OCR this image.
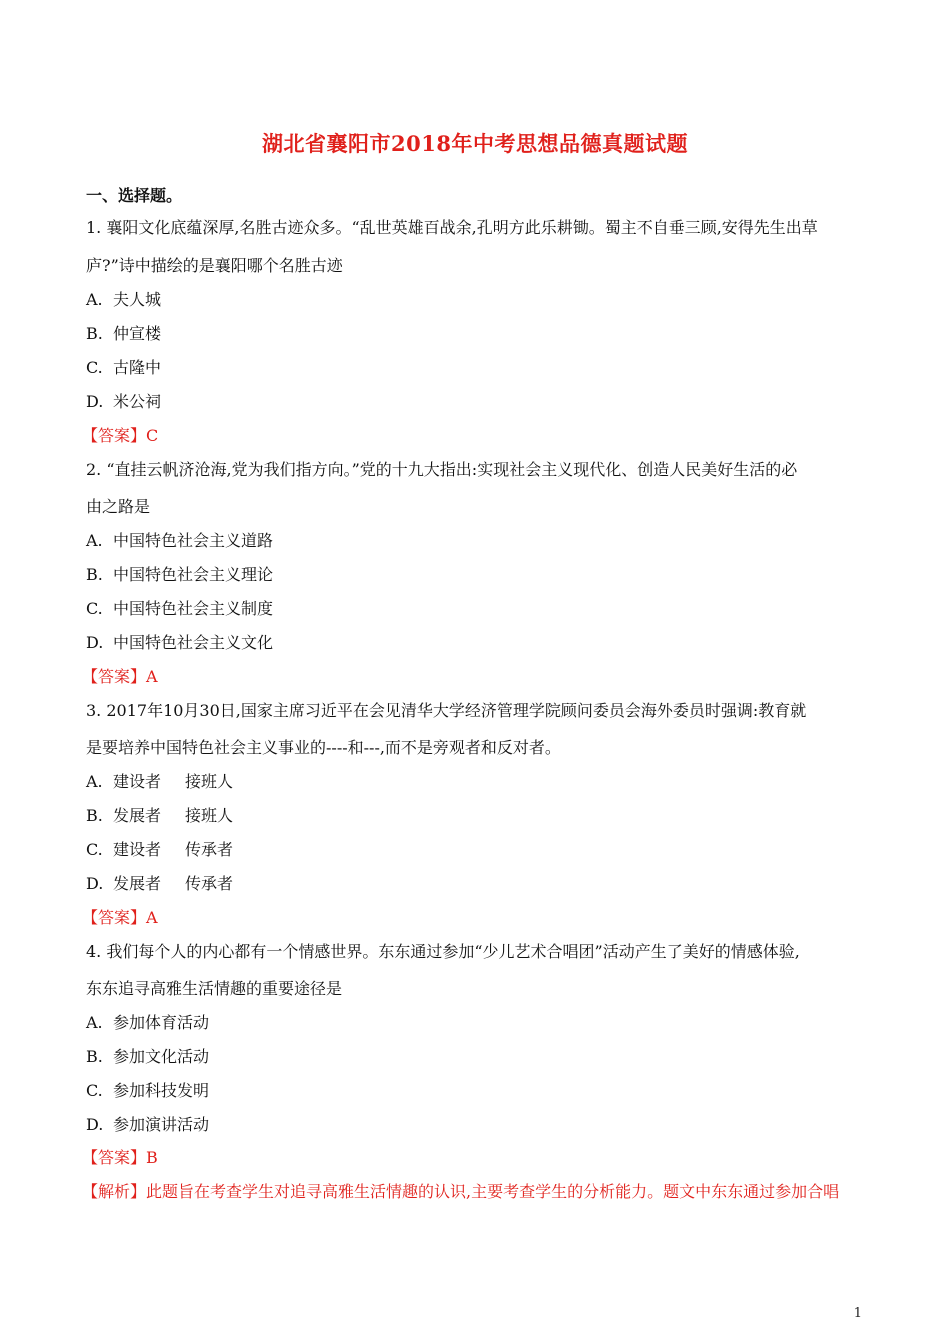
湖北省襄阳市2018年中考思想品德真题试题
一、选择题。
1. 襄阳文化底蕴深厚,名胜古迹众多。“乱世英雄百战余,孔明方此乐耕锄。蜀主不自垂三顾,安得先生出草
庐?”诗中描绘的是襄阳哪个名胜古迹
A. 夫人城
B. 仲宣楼
C. 古隆中
D. 米公祠
【答案】C
2. “直挂云帆济沧海,党为我们指方向。”党的十九大指出:实现社会主义现代化、创造人民美好生活的必
由之路是
A. 中国特色社会主义道路
B. 中国特色社会主义理论
C. 中国特色社会主义制度
D. 中国特色社会主义文化
【答案】A
3. 2017年10月30日,国家主席习近平在会见清华大学经济管理学院顾问委员会海外委员时强调:教育就
是要培养中国特色社会主义事业的----和---,而不是旁观者和反对者。
A. 建设者 接班人
B. 发展者 接班人
C. 建设者 传承者
D. 发展者 传承者
【答案】A
4. 我们每个人的内心都有一个情感世界。东东通过参加“少儿艺术合唱团”活动产生了美好的情感体验,
东东追寻高雅生活情趣的重要途径是
A. 参加体育活动
B. 参加文化活动
C. 参加科技发明
D. 参加演讲活动
【答案】B
【解析】此题旨在考查学生对追寻高雅生活情趣的认识,主要考查学生的分析能力。题文中东东通过参加合唱
1
